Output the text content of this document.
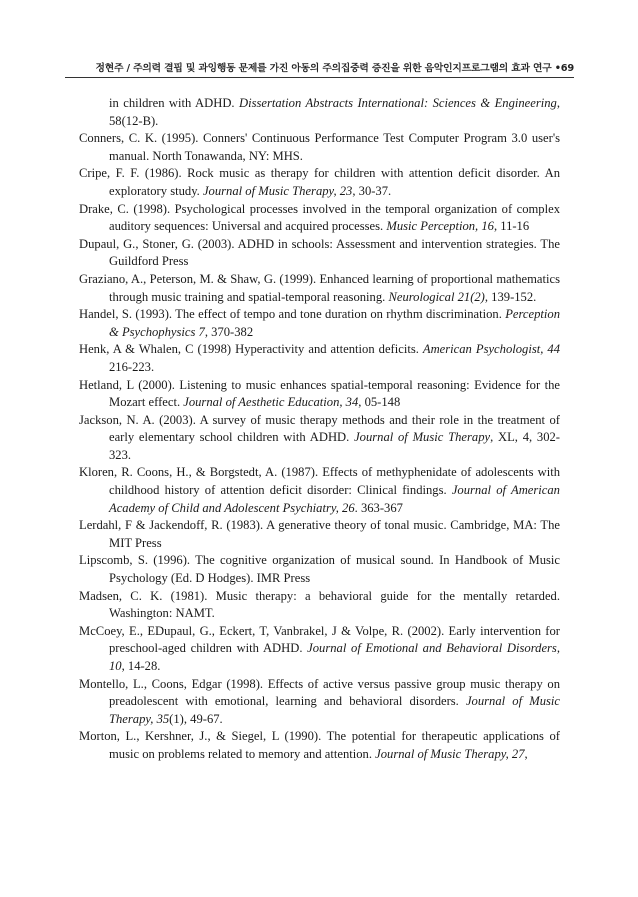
정현주 / 주의력 결핍 및 과잉행동 문제를 가진 아동의 주의집중력 증진을 위한 음악인지프로그램의 효과 연구 •69

in children with ADHD. Dissertation Abstracts International: Sciences & Engineering, 58(12-B).

Conners, C. K. (1995). Conners' Continuous Performance Test Computer Program 3.0 user's manual. North Tonawanda, NY: MHS.

Cripe, F. F. (1986). Rock music as therapy for children with attention deficit disorder. An exploratory study. Journal of Music Therapy, 23, 30-37.

Drake, C. (1998). Psychological processes involved in the temporal organization of complex auditory sequences: Universal and acquired processes. Music Perception, 16, 11-16

Dupaul, G., Stoner, G. (2003). ADHD in schools: Assessment and intervention strategies. The Guildford Press

Graziano, A., Peterson, M. & Shaw, G. (1999). Enhanced learning of proportional mathematics through music training and spatial-temporal reasoning. Neurological 21(2), 139-152.

Handel, S. (1993). The effect of tempo and tone duration on rhythm discrimination. Perception & Psychophysics 7, 370-382

Henk, A & Whalen, C (1998) Hyperactivity and attention deficits. American Psychologist, 44 216-223.

Hetland, L (2000). Listening to music enhances spatial-temporal reasoning: Evidence for the Mozart effect. Journal of Aesthetic Education, 34, 05-148

Jackson, N. A. (2003). A survey of music therapy methods and their role in the treatment of early elementary school children with ADHD. Journal of Music Therapy, XL, 4, 302-323.

Kloren, R. Coons, H., & Borgstedt, A. (1987). Effects of methyphenidate of adolescents with childhood history of attention deficit disorder: Clinical findings. Journal of American Academy of Child and Adolescent Psychiatry, 26. 363-367

Lerdahl, F & Jackendoff, R. (1983). A generative theory of tonal music. Cambridge, MA: The MIT Press

Lipscomb, S. (1996). The cognitive organization of musical sound. In Handbook of Music Psychology (Ed. D Hodges). IMR Press

Madsen, C. K. (1981). Music therapy: a behavioral guide for the mentally retarded. Washington: NAMT.

McCoey, E., EDupaul, G., Eckert, T, Vanbrakel, J & Volpe, R. (2002). Early intervention for preschool-aged children with ADHD. Journal of Emotional and Behavioral Disorders, 10, 14-28.

Montello, L., Coons, Edgar (1998). Effects of active versus passive group music therapy on preadolescent with emotional, learning and behavioral disorders. Journal of Music Therapy, 35(1), 49-67.

Morton, L., Kershner, J., & Siegel, L (1990). The potential for therapeutic applications of music on problems related to memory and attention. Journal of Music Therapy, 27,
